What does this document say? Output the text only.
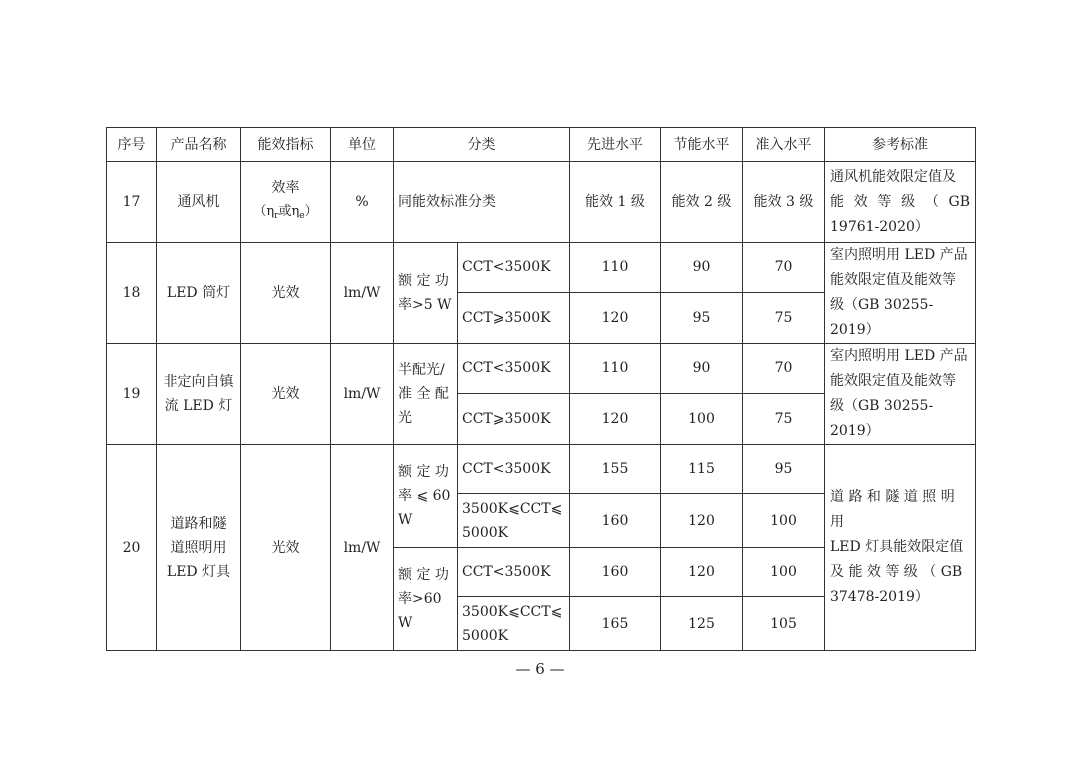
序号	产品名称	能效指标	单位	分类		先进水平	节能水平	准入水平	参考标准
17	通风机	效率
（$\eta_r$或$\eta_e$）	%	同能效标准分类		能效 1 级	能效 2 级	能效 3 级	通风机能效限定值及
能 效 等 级 （ GB
19761-2020）

18	LED 筒灯	光效	lm/W	额 定 功
率>5 W	CCT<3500K	110	90	70	室内照明用 LED 产品
能效限定值及能效等
级（GB 30255-2019）

					CCT⩾3500K	120	95	75	
19	非定向自镇
流 LED 灯	光效	lm/W	半配光/
准 全 配
光	CCT<3500K	110	90	70	室内照明用 LED 产品
能效限定值及能效等
级（GB 30255-2019）

					CCT⩾3500K	120	100	75	
20	道路和隧
道照明用
LED 灯具	光效	lm/W	额 定 功
率 ⩽ 60
W	CCT<3500K	155	115	95	道 路 和 隧 道 照 明 用
LED 灯具能效限定值
及 能 效 等 级 （ GB
37478-2019）

					3500K⩽CCT⩽
5000K	160	120	100	

				额 定 功
率>60 W	CCT<3500K	160	120	100	

					3500K⩽CCT⩽
5000K	165	125	105	
— 6 —
